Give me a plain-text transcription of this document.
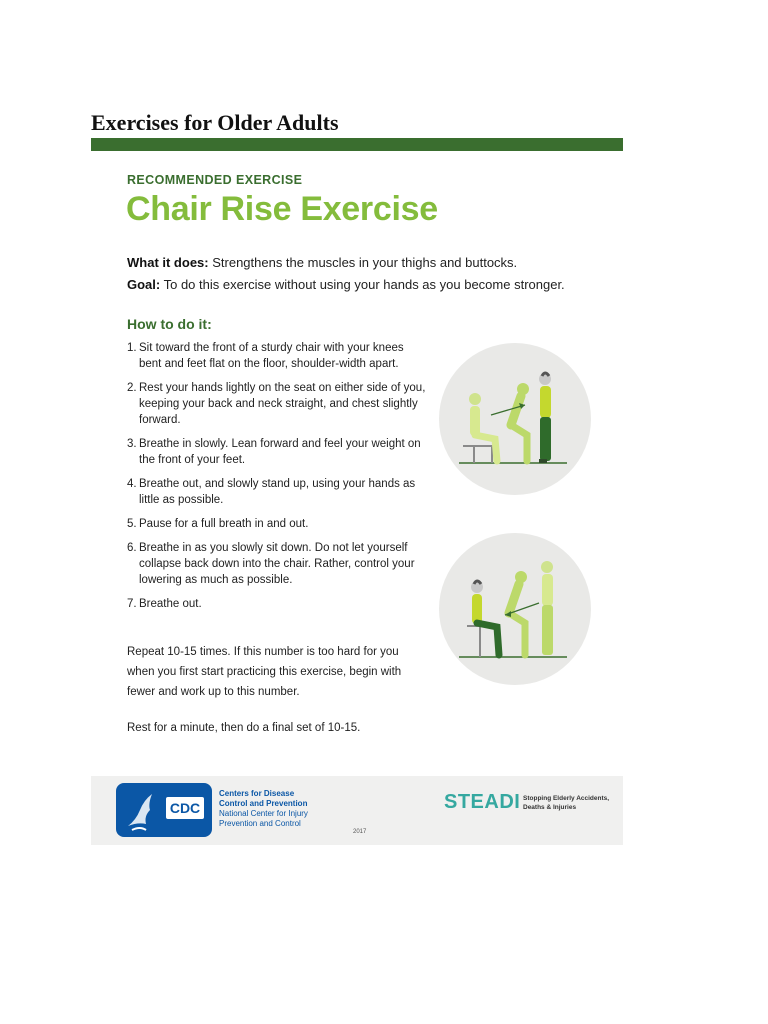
Exercises for Older Adults

RECOMMENDED EXERCISE

Chair Rise Exercise

What it does: Strengthens the muscles in your thighs and buttocks.

Goal: To do this exercise without using your hands as you become stronger.

How to do it:

1. Sit toward the front of a sturdy chair with your knees bent and feet flat on the floor, shoulder-width apart.
2. Rest your hands lightly on the seat on either side of you, keeping your back and neck straight, and chest slightly forward.
3. Breathe in slowly. Lean forward and feel your weight on the front of your feet.
4. Breathe out, and slowly stand up, using your hands as little as possible.
5. Pause for a full breath in and out.
6. Breathe in as you slowly sit down. Do not let yourself collapse back down into the chair. Rather, control your lowering as much as possible.
7. Breathe out.

Repeat 10-15 times. If this number is too hard for you when you first start practicing this exercise, begin with fewer and work up to this number.

Rest for a minute, then do a final set of 10-15.

CDC

Centers for Disease
Control and Prevention
National Center for Injury
Prevention and Control

2017

STEADI Stopping Elderly Accidents, Deaths & Injuries
